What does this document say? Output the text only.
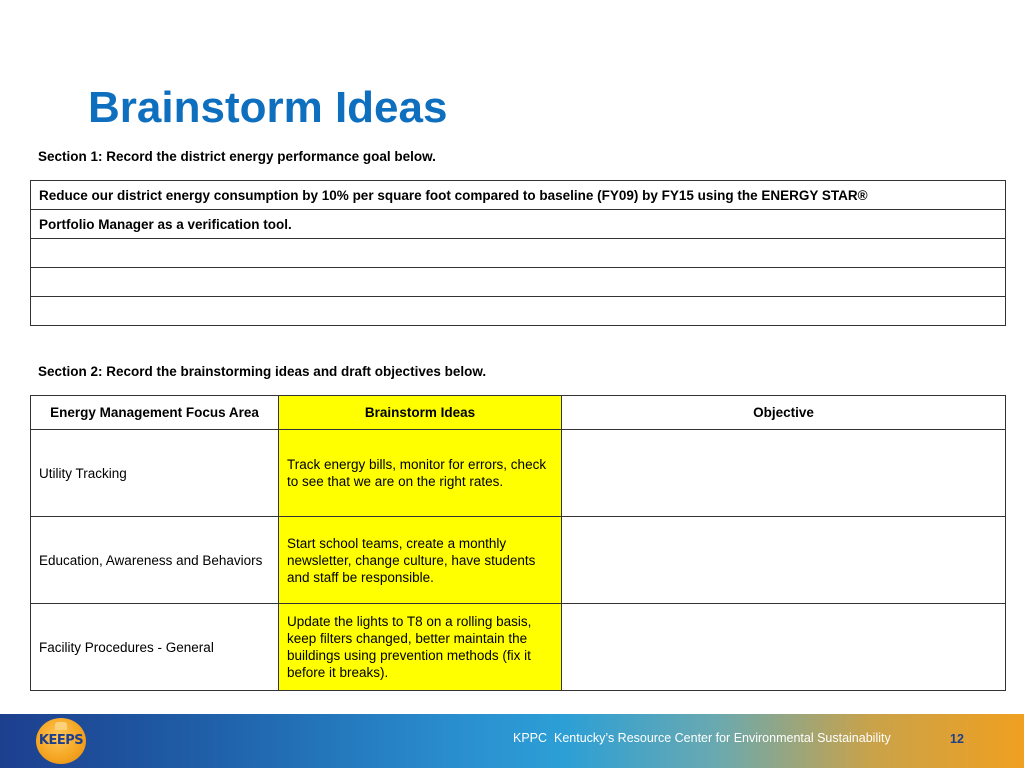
Brainstorm Ideas
Section 1: Record the district energy performance goal below.
Reduce our district energy consumption by 10% per square foot compared to baseline (FY09) by FY15 using the ENERGY STAR®
Portfolio Manager as a verification tool.

Section 2: Record the brainstorming ideas and draft objectives below.
Energy Management Focus Area	Brainstorm Ideas	Objective
Utility Tracking	Track energy bills, monitor for errors, check to see that we are on the right rates.	
Education, Awareness and Behaviors	Start school teams, create a monthly newsletter, change culture, have students and staff be responsible.	
Facility Procedures - General	Update the lights to T8 on a rolling basis, keep filters changed, better maintain the buildings using prevention methods (fix it before it breaks).	
KEEPS	KPPC  Kentucky’s Resource Center for Environmental Sustainability	12
